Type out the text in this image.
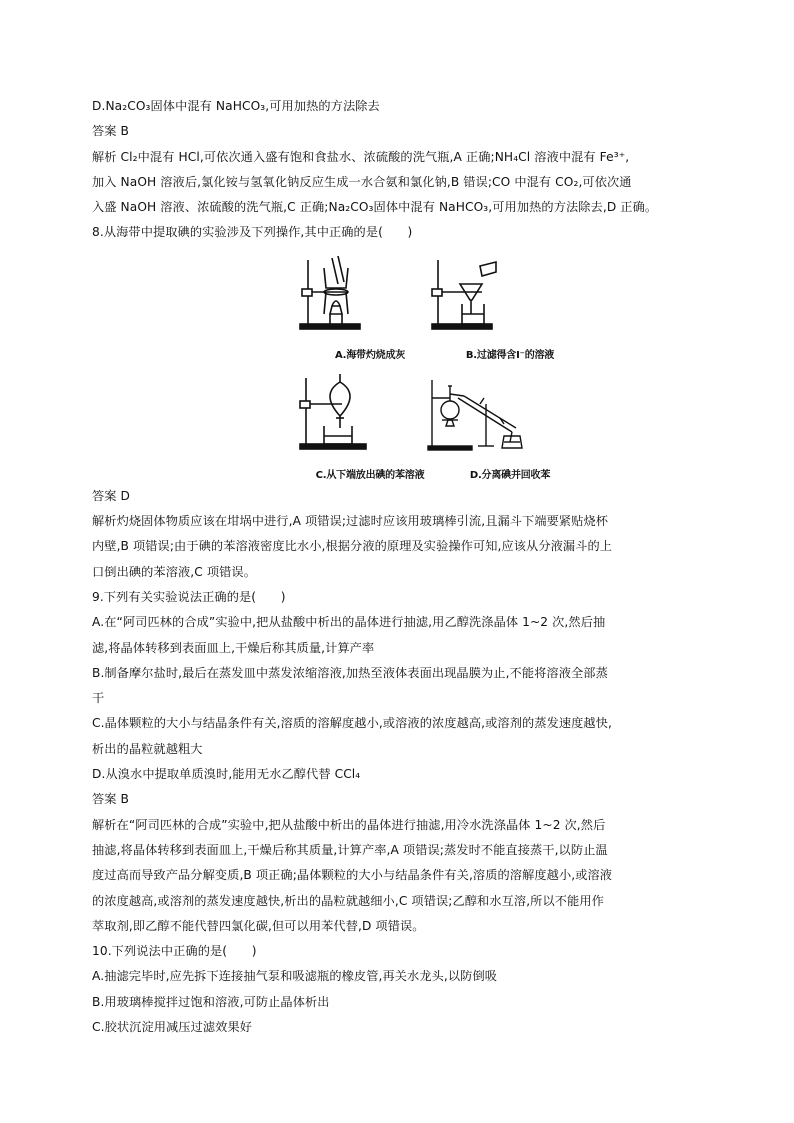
D.Na₂CO₃固体中混有 NaHCO₃,可用加热的方法除去
答案 B
解析 Cl₂中混有 HCl,可依次通入盛有饱和食盐水、浓硫酸的洗气瓶,A 正确;NH₄Cl 溶液中混有 Fe³⁺,
加入 NaOH 溶液后,氯化铵与氢氧化钠反应生成一水合氨和氯化钠,B 错误;CO 中混有 CO₂,可依次通
入盛 NaOH 溶液、浓硫酸的洗气瓶,C 正确;Na₂CO₃固体中混有 NaHCO₃,可用加热的方法除去,D 正确。
8.从海带中提取碘的实验涉及下列操作,其中正确的是(　　)
A.海带灼烧成灰	B.过滤得含I⁻的溶液
C.从下端放出碘的苯溶液	D.分离碘并回收苯
答案 D
解析灼烧固体物质应该在坩埚中进行,A 项错误;过滤时应该用玻璃棒引流,且漏斗下端要紧贴烧杯
内壁,B 项错误;由于碘的苯溶液密度比水小,根据分液的原理及实验操作可知,应该从分液漏斗的上
口倒出碘的苯溶液,C 项错误。
9.下列有关实验说法正确的是(　　)
A.在“阿司匹林的合成”实验中,把从盐酸中析出的晶体进行抽滤,用乙醇洗涤晶体 1~2 次,然后抽
滤,将晶体转移到表面皿上,干燥后称其质量,计算产率
B.制备摩尔盐时,最后在蒸发皿中蒸发浓缩溶液,加热至液体表面出现晶膜为止,不能将溶液全部蒸
干
C.晶体颗粒的大小与结晶条件有关,溶质的溶解度越小,或溶液的浓度越高,或溶剂的蒸发速度越快,
析出的晶粒就越粗大
D.从溴水中提取单质溴时,能用无水乙醇代替 CCl₄
答案 B
解析在“阿司匹林的合成”实验中,把从盐酸中析出的晶体进行抽滤,用冷水洗涤晶体 1~2 次,然后
抽滤,将晶体转移到表面皿上,干燥后称其质量,计算产率,A 项错误;蒸发时不能直接蒸干,以防止温
度过高而导致产品分解变质,B 项正确;晶体颗粒的大小与结晶条件有关,溶质的溶解度越小,或溶液
的浓度越高,或溶剂的蒸发速度越快,析出的晶粒就越细小,C 项错误;乙醇和水互溶,所以不能用作
萃取剂,即乙醇不能代替四氯化碳,但可以用苯代替,D 项错误。
10.下列说法中正确的是(　　)
A.抽滤完毕时,应先拆下连接抽气泵和吸滤瓶的橡皮管,再关水龙头,以防倒吸
B.用玻璃棒搅拌过饱和溶液,可防止晶体析出
C.胶状沉淀用减压过滤效果好
